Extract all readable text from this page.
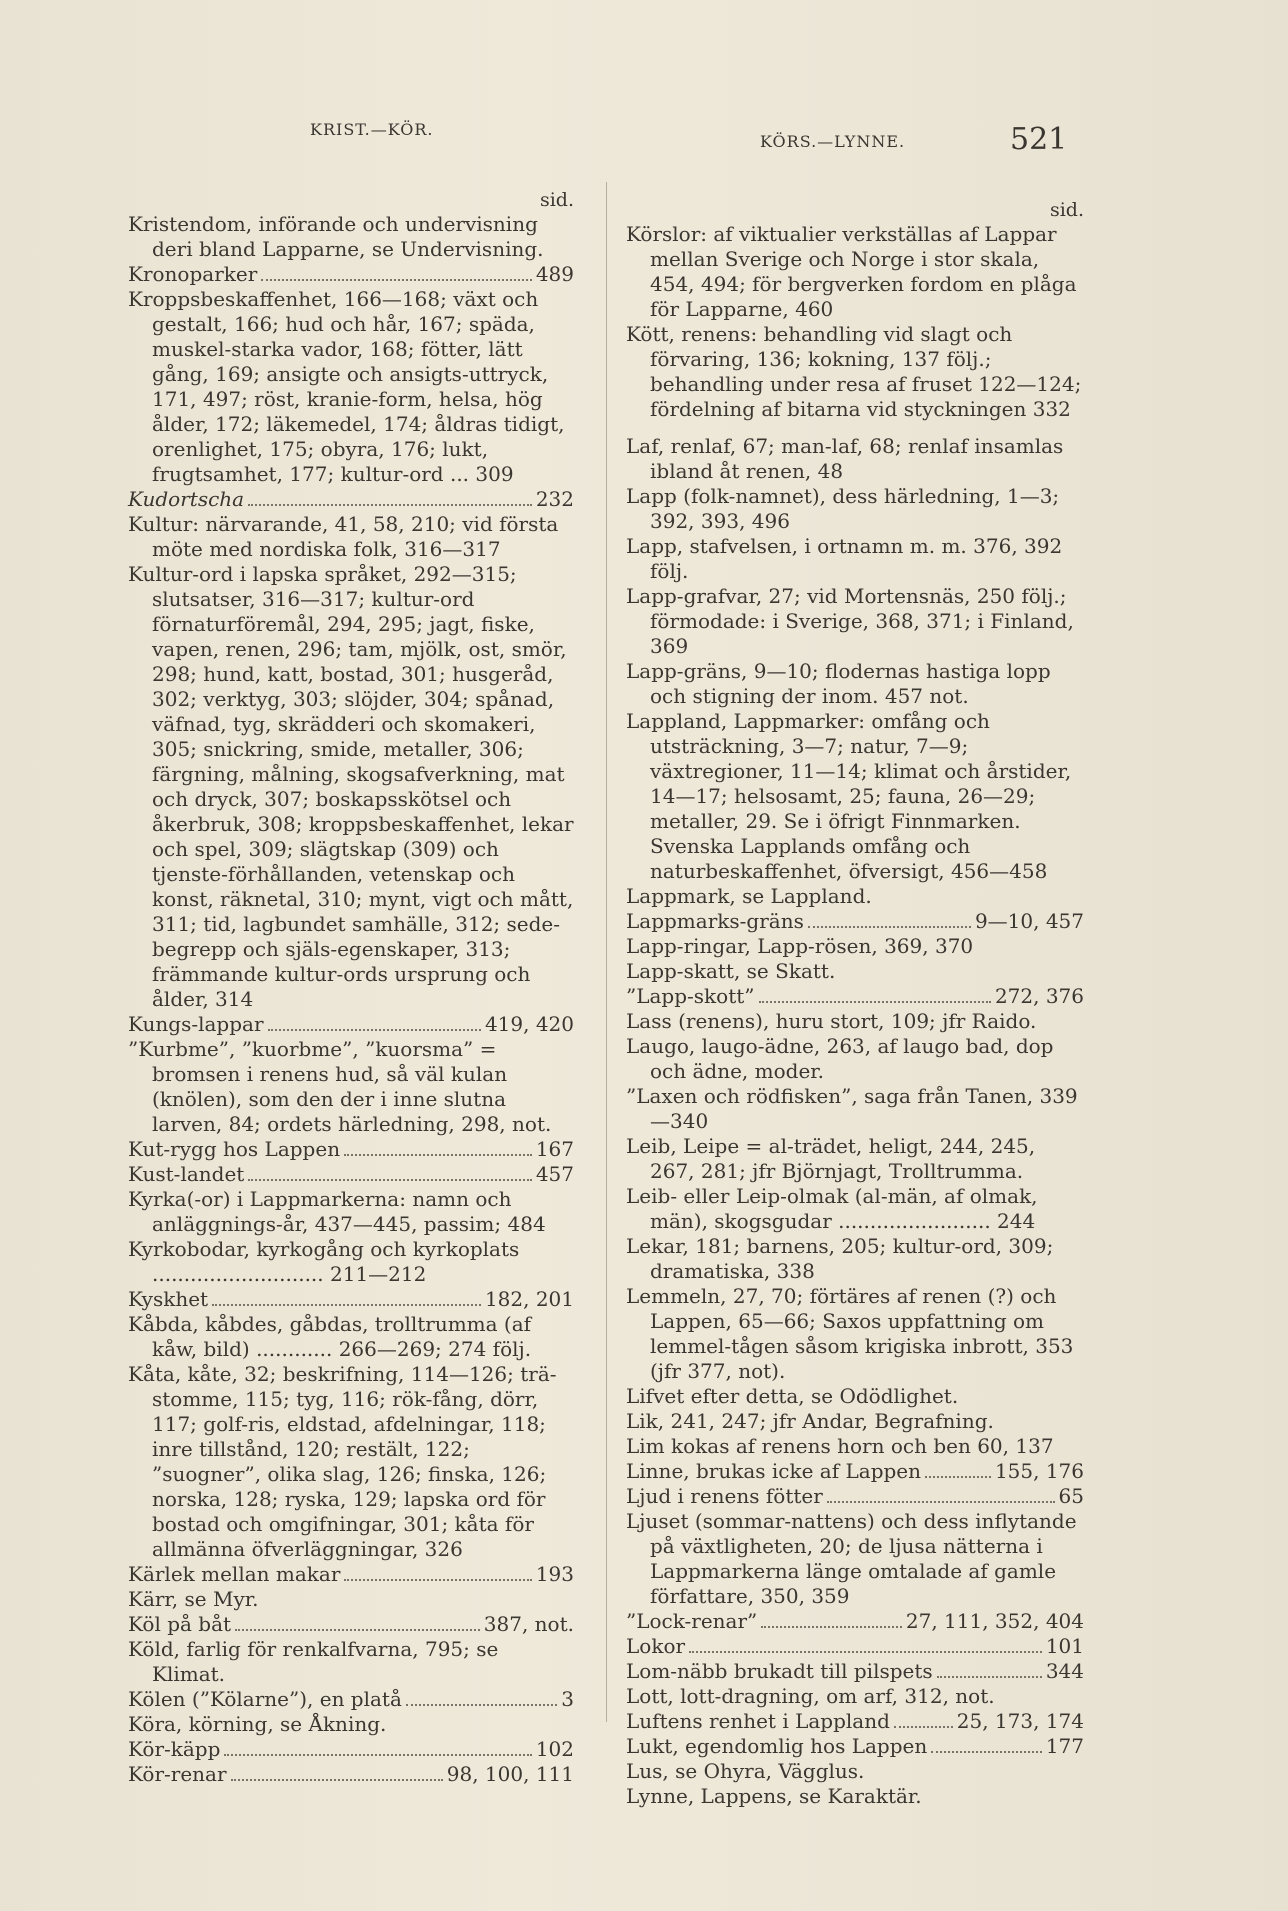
KRIST.—KÖR.
KÖRS.—LYNNE.	521
sid.
Kristendom, införande och undervisning deri bland Lapparne, se Undervisning.
Kronoparker	489
Kroppsbeskaffenhet, 166—168; växt och gestalt, 166; hud och hår, 167; späda, muskel-starka vador, 168; fötter, lätt gång, 169; ansigte och ansigts-uttryck, 171, 497; röst, kranie-form, helsa, hög ålder, 172; läkemedel, 174; åldras tidigt, orenlighet, 175; obyra, 176; lukt, frugtsamhet, 177; kultur-ord ... 309
Kudortscha	232
Kultur: närvarande, 41, 58, 210; vid första möte med nordiska folk, 316—317
Kultur-ord i lapska språket, 292—315; slutsatser, 316—317; kultur-ord förnaturföremål, 294, 295; jagt, fiske, vapen, renen, 296; tam, mjölk, ost, smör, 298; hund, katt, bostad, 301; husgeråd, 302; verktyg, 303; slöjder, 304; spånad, väfnad, tyg, skrädderi och skomakeri, 305; snickring, smide, metaller, 306; färgning, målning, skogsafverkning, mat och dryck, 307; boskapsskötsel och åkerbruk, 308; kroppsbeskaffenhet, lekar och spel, 309; slägtskap (309) och tjenste-förhållanden, vetenskap och konst, räknetal, 310; mynt, vigt och mått, 311; tid, lagbundet samhälle, 312; sede-begrepp och själs-egenskaper, 313; främmande kultur-ords ursprung och ålder, 314
Kungs-lappar	419, 420
”Kurbme”, ”kuorbme”, ”kuorsma” = bromsen i renens hud, så väl kulan (knölen), som den der i inne slutna larven, 84; ordets härledning, 298, not.
Kut-rygg hos Lappen	167
Kust-landet	457
Kyrka(-or) i Lappmarkerna: namn och anläggnings-år, 437—445, passim; 484
Kyrkobodar, kyrkogång och kyrkoplats ........................... 211—212
Kyskhet	182, 201
Kåbda, kåbdes, gåbdas, trolltrumma (af kåw, bild) ............ 266—269; 274 följ.
Kåta, kåte, 32; beskrifning, 114—126; trä-stomme, 115; tyg, 116; rök-fång, dörr, 117; golf-ris, eldstad, afdelningar, 118; inre tillstånd, 120; restält, 122; ”suogner”, olika slag, 126; finska, 126; norska, 128; ryska, 129; lapska ord för bostad och omgifningar, 301; kåta för allmänna öfverläggningar, 326
Kärlek mellan makar	193
Kärr, se Myr.
Köl på båt	387, not.
Köld, farlig för renkalfvarna, 795; se Klimat.
Kölen (”Kölarne”), en platå	3
Köra, körning, se Åkning.
Kör-käpp	102
Kör-renar	98, 100, 111
sid.
Körslor: af viktualier verkställas af Lappar mellan Sverige och Norge i stor skala, 454, 494; för bergverken fordom en plåga för Lapparne, 460
Kött, renens: behandling vid slagt och förvaring, 136; kokning, 137 följ.; behandling under resa af fruset 122—124; fördelning af bitarna vid styckningen 332
Laf, renlaf, 67; man-laf, 68; renlaf insamlas ibland åt renen, 48
Lapp (folk-namnet), dess härledning, 1—3; 392, 393, 496
Lapp, stafvelsen, i ortnamn m. m. 376, 392 följ.
Lapp-grafvar, 27; vid Mortensnäs, 250 följ.; förmodade: i Sverige, 368, 371; i Finland, 369
Lapp-gräns, 9—10; flodernas hastiga lopp och stigning der inom. 457 not.
Lappland, Lappmarker: omfång och utsträckning, 3—7; natur, 7—9; växtregioner, 11—14; klimat och årstider, 14—17; helsosamt, 25; fauna, 26—29; metaller, 29. Se i öfrigt Finnmarken. Svenska Lapplands omfång och naturbeskaffenhet, öfversigt, 456—458
Lappmark, se Lappland.
Lappmarks-gräns	9—10, 457
Lapp-ringar, Lapp-rösen, 369, 370
Lapp-skatt, se Skatt.
”Lapp-skott”	272, 376
Lass (renens), huru stort, 109; jfr Raido.
Laugo, laugo-ädne, 263, af laugo bad, dop och ädne, moder.
”Laxen och rödfisken”, saga från Tanen, 339—340
Leib, Leipe = al-trädet, heligt, 244, 245, 267, 281; jfr Björnjagt, Trolltrumma.
Leib- eller Leip-olmak (al-män, af olmak, män), skogsgudar ........................ 244
Lekar, 181; barnens, 205; kultur-ord, 309; dramatiska, 338
Lemmeln, 27, 70; förtäres af renen (?) och Lappen, 65—66; Saxos uppfattning om lemmel-tågen såsom krigiska inbrott, 353 (jfr 377, not).
Lifvet efter detta, se Odödlighet.
Lik, 241, 247; jfr Andar, Begrafning.
Lim kokas af renens horn och ben 60, 137
Linne, brukas icke af Lappen	155, 176
Ljud i renens fötter	65
Ljuset (sommar-nattens) och dess inflytande på växtligheten, 20; de ljusa nätterna i Lappmarkerna länge omtalade af gamle författare, 350, 359
”Lock-renar”	27, 111, 352, 404
Lokor	101
Lom-näbb brukadt till pilspets	344
Lott, lott-dragning, om arf, 312, not.
Luftens renhet i Lappland	25, 173, 174
Lukt, egendomlig hos Lappen	177
Lus, se Ohyra, Vägglus.
Lynne, Lappens, se Karaktär.
